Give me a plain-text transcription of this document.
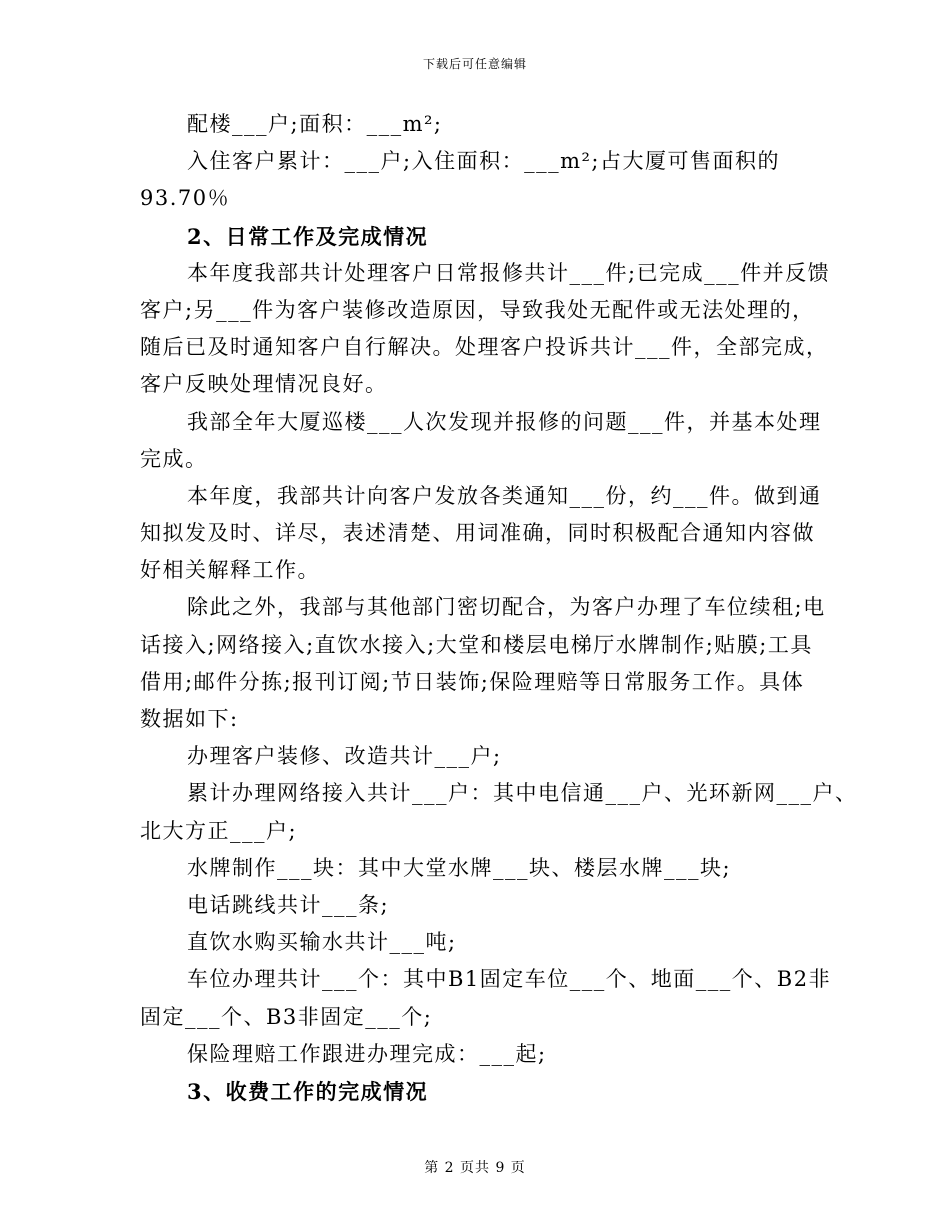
下载后可任意编辑
配楼___户;面积：___m²;
入住客户累计：___户;入住面积：___m²;占大厦可售面积的
93.70％
2、日常工作及完成情况
本年度我部共计处理客户日常报修共计___件;已完成___件并反馈
客户;另___件为客户装修改造原因，导致我处无配件或无法处理的，
随后已及时通知客户自行解决。处理客户投诉共计___件，全部完成，
客户反映处理情况良好。
我部全年大厦巡楼___人次发现并报修的问题___件，并基本处理
完成。
本年度，我部共计向客户发放各类通知___份，约___件。做到通
知拟发及时、详尽，表述清楚、用词准确，同时积极配合通知内容做
好相关解释工作。
除此之外，我部与其他部门密切配合，为客户办理了车位续租;电
话接入;网络接入;直饮水接入;大堂和楼层电梯厅水牌制作;贴膜;工具
借用;邮件分拣;报刊订阅;节日装饰;保险理赔等日常服务工作。具体
数据如下:
办理客户装修、改造共计___户;
累计办理网络接入共计___户：其中电信通___户、光环新网___户、
北大方正___户;
水牌制作___块：其中大堂水牌___块、楼层水牌___块;
电话跳线共计___条;
直饮水购买输水共计___吨;
车位办理共计___个：其中B1固定车位___个、地面___个、B2非
固定___个、B3非固定___个;
保险理赔工作跟进办理完成：___起;
3、收费工作的完成情况
第 2 页共 9 页
